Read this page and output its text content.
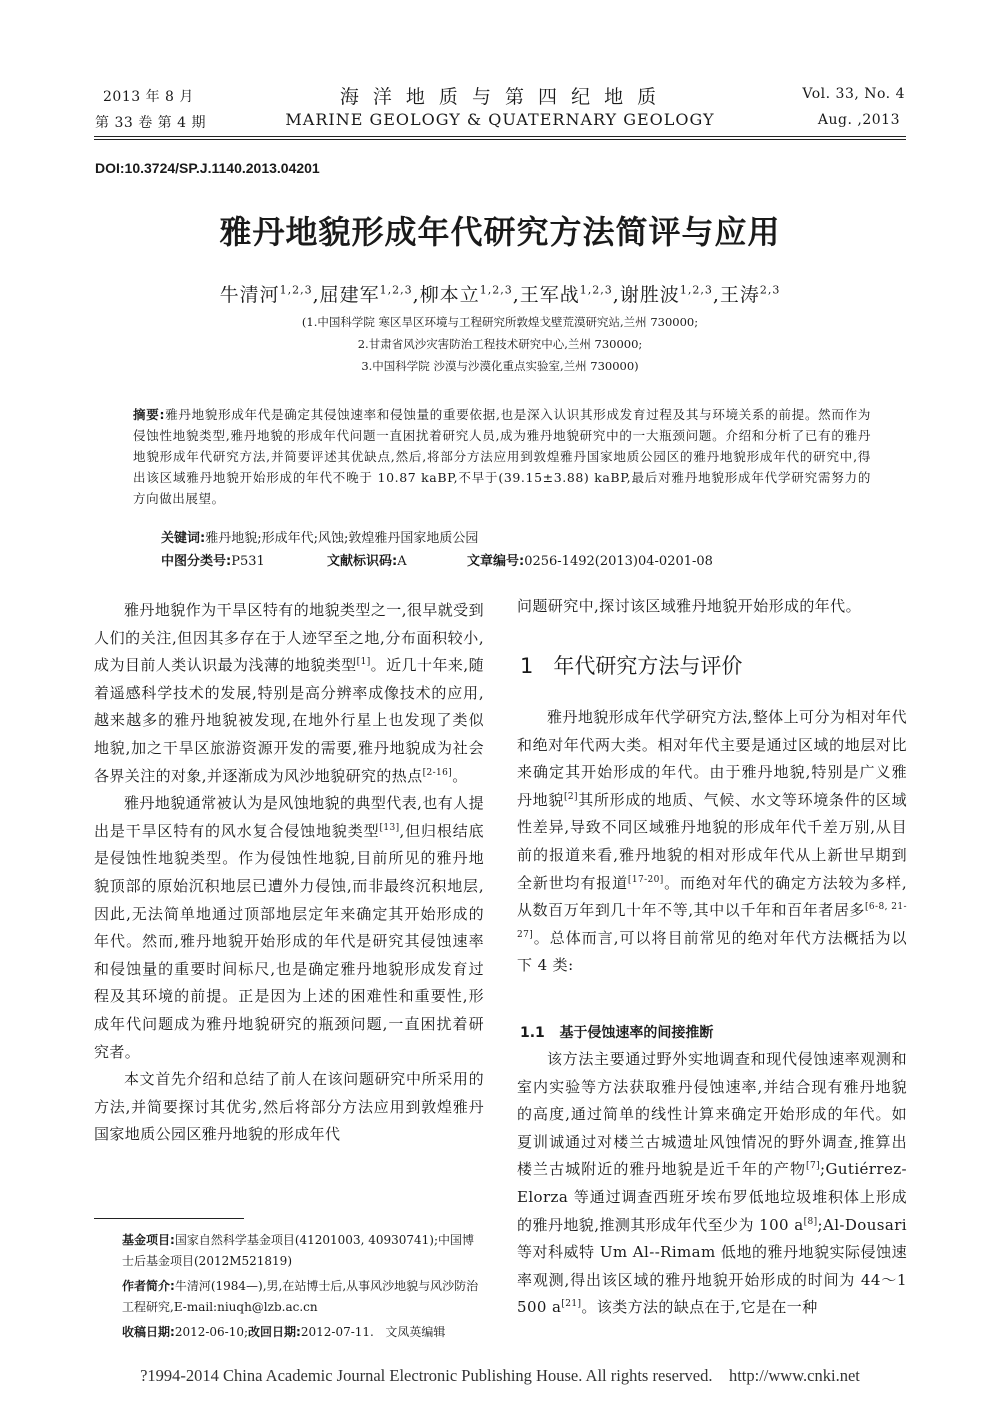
2013 年 8 月
第 33 卷 第 4 期
海 洋 地 质 与 第 四 纪 地 质
MARINE GEOLOGY & QUATERNARY GEOLOGY
Vol. 33, No. 4
Aug. ,2013
DOI:10.3724/SP.J.1140.2013.04201
雅丹地貌形成年代研究方法简评与应用
牛清河$^{1,2,3}$,屈建军$^{1,2,3}$,柳本立$^{1,2,3}$,王军战$^{1,2,3}$,谢胜波$^{1,2,3}$,王涛$^{2,3}$
(1.中国科学院 寒区旱区环境与工程研究所敦煌戈壁荒漠研究站,兰州 730000;
2.甘肃省风沙灾害防治工程技术研究中心,兰州 730000;
3.中国科学院 沙漠与沙漠化重点实验室,兰州 730000)
摘要:雅丹地貌形成年代是确定其侵蚀速率和侵蚀量的重要依据,也是深入认识其形成发育过程及其与环境关系的前提。然而作为侵蚀性地貌类型,雅丹地貌的形成年代问题一直困扰着研究人员,成为雅丹地貌研究中的一大瓶颈问题。介绍和分析了已有的雅丹地貌形成年代研究方法,并简要评述其优缺点,然后,将部分方法应用到敦煌雅丹国家地质公园区的雅丹地貌形成年代的研究中,得出该区域雅丹地貌开始形成的年代不晚于 10.87 kaBP,不早于(39.15±3.88) kaBP,最后对雅丹地貌形成年代学研究需努力的方向做出展望。
关键词:雅丹地貌;形成年代;风蚀;敦煌雅丹国家地质公园
中图分类号:P531	文献标识码:A	文章编号:0256-1492(2013)04-0201-08

雅丹地貌作为干旱区特有的地貌类型之一,很早就受到人们的关注,但因其多存在于人迹罕至之地,分布面积较小,成为目前人类认识最为浅薄的地貌类型[1]。近几十年来,随着遥感科学技术的发展,特别是高分辨率成像技术的应用,越来越多的雅丹地貌被发现,在地外行星上也发现了类似地貌,加之干旱区旅游资源开发的需要,雅丹地貌成为社会各界关注的对象,并逐渐成为风沙地貌研究的热点[2-16]。

雅丹地貌通常被认为是风蚀地貌的典型代表,也有人提出是干旱区特有的风水复合侵蚀地貌类型[13],但归根结底是侵蚀性地貌类型。作为侵蚀性地貌,目前所见的雅丹地貌顶部的原始沉积地层已遭外力侵蚀,而非最终沉积地层,因此,无法简单地通过顶部地层定年来确定其开始形成的年代。然而,雅丹地貌开始形成的年代是研究其侵蚀速率和侵蚀量的重要时间标尺,也是确定雅丹地貌形成发育过程及其环境的前提。正是因为上述的困难性和重要性,形成年代问题成为雅丹地貌研究的瓶颈问题,一直困扰着研究者。

本文首先介绍和总结了前人在该问题研究中所采用的方法,并简要探讨其优劣,然后将部分方法应用到敦煌雅丹国家地质公园区雅丹地貌的形成年代

基金项目:国家自然科学基金项目(41201003, 40930741);中国博士后基金项目(2012M521819)
作者简介:牛清河(1984—),男,在站博士后,从事风沙地貌与风沙防治工程研究,E-mail:niuqh@lzb.ac.cn
收稿日期:2012-06-10;改回日期:2012-07-11. 文凤英编辑

问题研究中,探讨该区域雅丹地貌开始形成的年代。

1 年代研究方法与评价

雅丹地貌形成年代学研究方法,整体上可分为相对年代和绝对年代两大类。相对年代主要是通过区域的地层对比来确定其开始形成的年代。由于雅丹地貌,特别是广义雅丹地貌[2]其所形成的地质、气候、水文等环境条件的区域性差异,导致不同区域雅丹地貌的形成年代千差万别,从目前的报道来看,雅丹地貌的相对形成年代从上新世早期到全新世均有报道[17-20]。而绝对年代的确定方法较为多样,从数百万年到几十年不等,其中以千年和百年者居多[6-8, 21-27]。总体而言,可以将目前常见的绝对年代方法概括为以下 4 类:

1.1 基于侵蚀速率的间接推断

该方法主要通过野外实地调查和现代侵蚀速率观测和室内实验等方法获取雅丹侵蚀速率,并结合现有雅丹地貌的高度,通过简单的线性计算来确定开始形成的年代。如夏训诚通过对楼兰古城遗址风蚀情况的野外调查,推算出楼兰古城附近的雅丹地貌是近千年的产物[7];Gutiérrez-Elorza 等通过调查西班牙埃布罗低地垃圾堆积体上形成的雅丹地貌,推测其形成年代至少为 100 a[8];Al-Dousari 等对科威特 Um Al--Rimam 低地的雅丹地貌实际侵蚀速率观测,得出该区域的雅丹地貌开始形成的时间为 44～1 500 a[21]。该类方法的缺点在于,它是在一种

?1994-2014 China Academic Journal Electronic Publishing House. All rights reserved.    http://www.cnki.net
